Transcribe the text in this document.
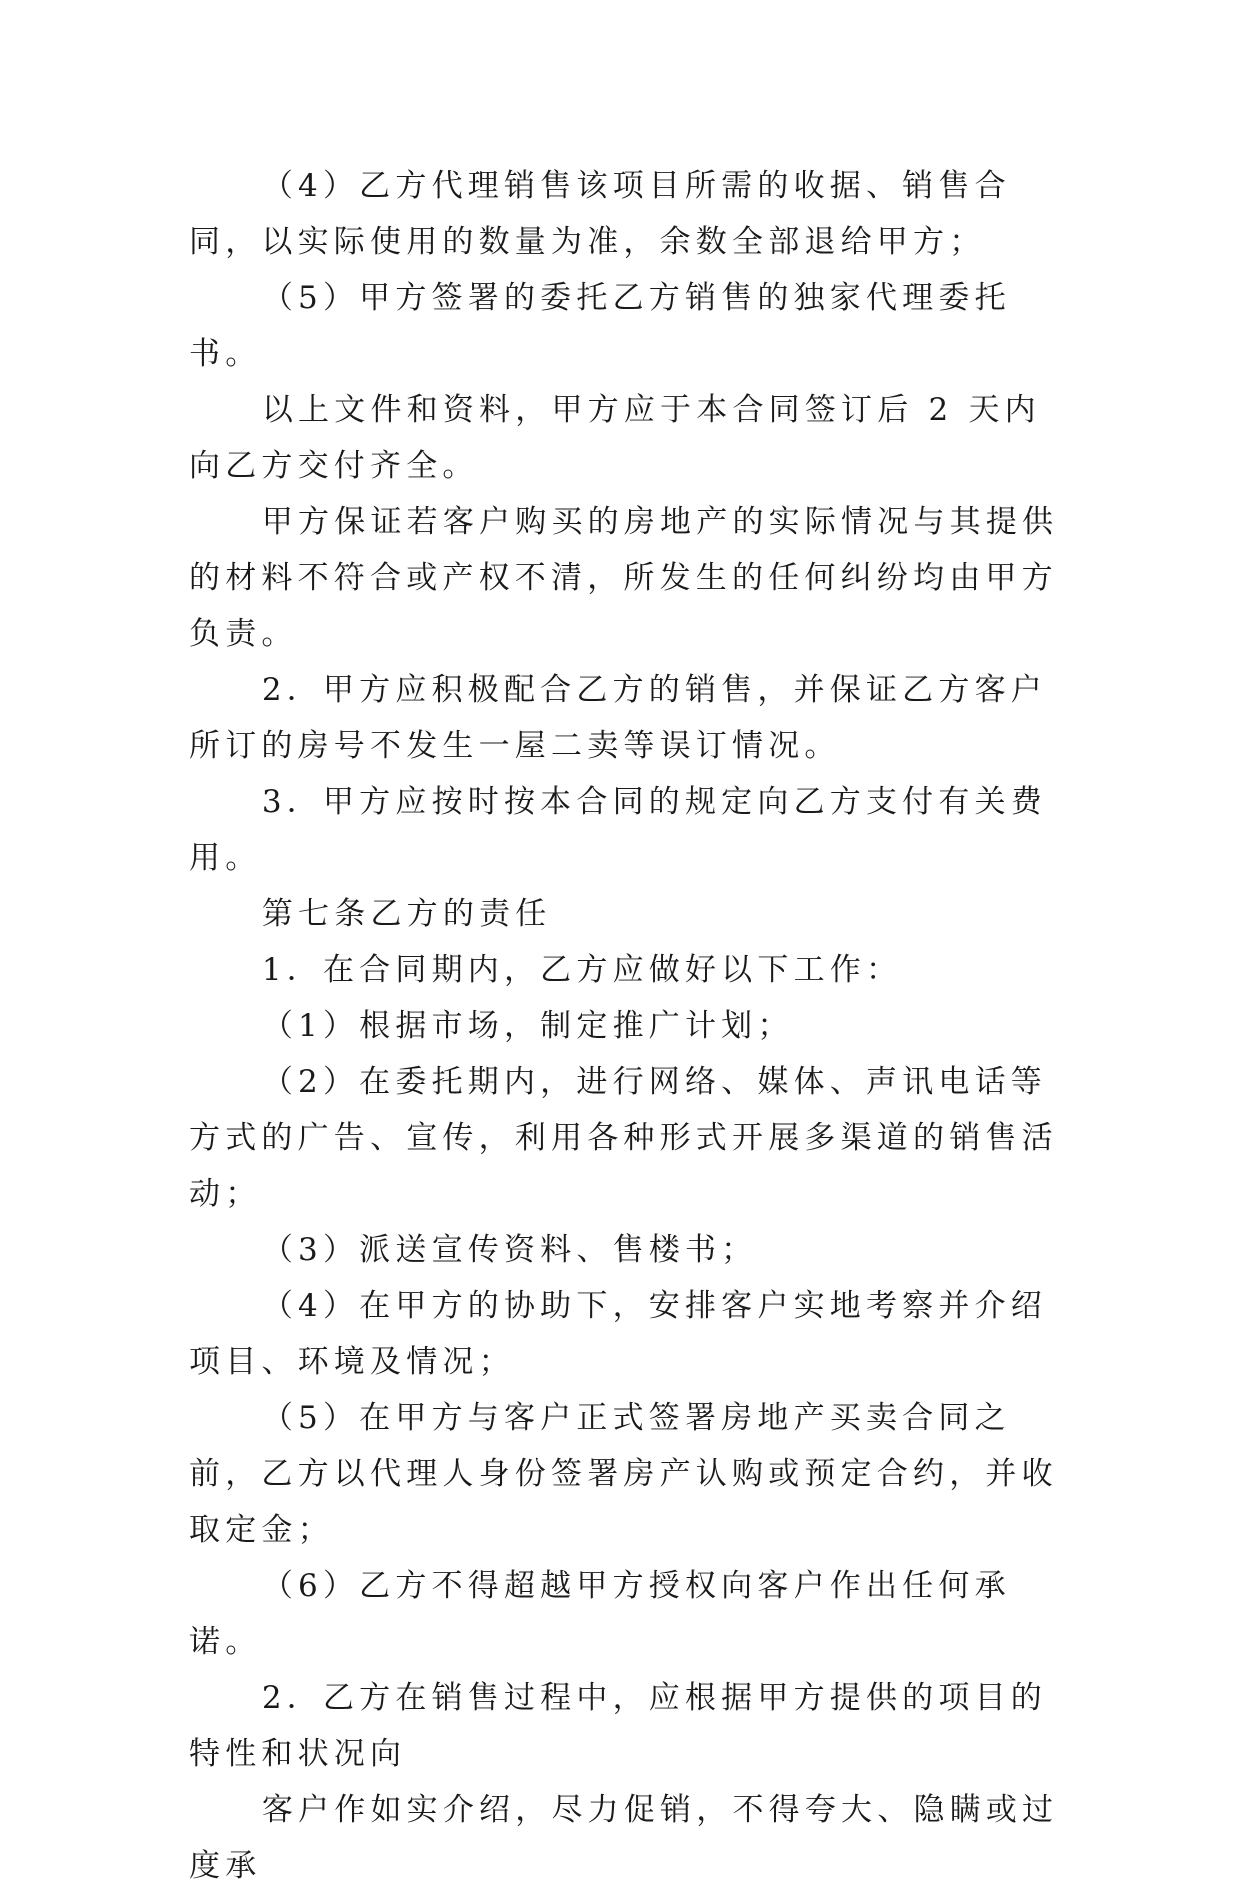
（4）乙方代理销售该项目所需的收据、销售合同，以实际使用的数量为准，余数全部退给甲方；

（5）甲方签署的委托乙方销售的独家代理委托书。

以上文件和资料，甲方应于本合同签订后 2 天内向乙方交付齐全。

甲方保证若客户购买的房地产的实际情况与其提供的材料不符合或产权不清，所发生的任何纠纷均由甲方负责。

2．甲方应积极配合乙方的销售，并保证乙方客户所订的房号不发生一屋二卖等误订情况。

3．甲方应按时按本合同的规定向乙方支付有关费用。

第七条乙方的责任

1．在合同期内，乙方应做好以下工作：

（1）根据市场，制定推广计划；

（2）在委托期内，进行网络、媒体、声讯电话等方式的广告、宣传，利用各种形式开展多渠道的销售活动；

（3）派送宣传资料、售楼书；

（4）在甲方的协助下，安排客户实地考察并介绍项目、环境及情况；

（5）在甲方与客户正式签署房地产买卖合同之前，乙方以代理人身份签署房产认购或预定合约，并收取定金；

（6）乙方不得超越甲方授权向客户作出任何承诺。

2．乙方在销售过程中，应根据甲方提供的项目的特性和状况向

客户作如实介绍，尽力促销，不得夸大、隐瞒或过度承
